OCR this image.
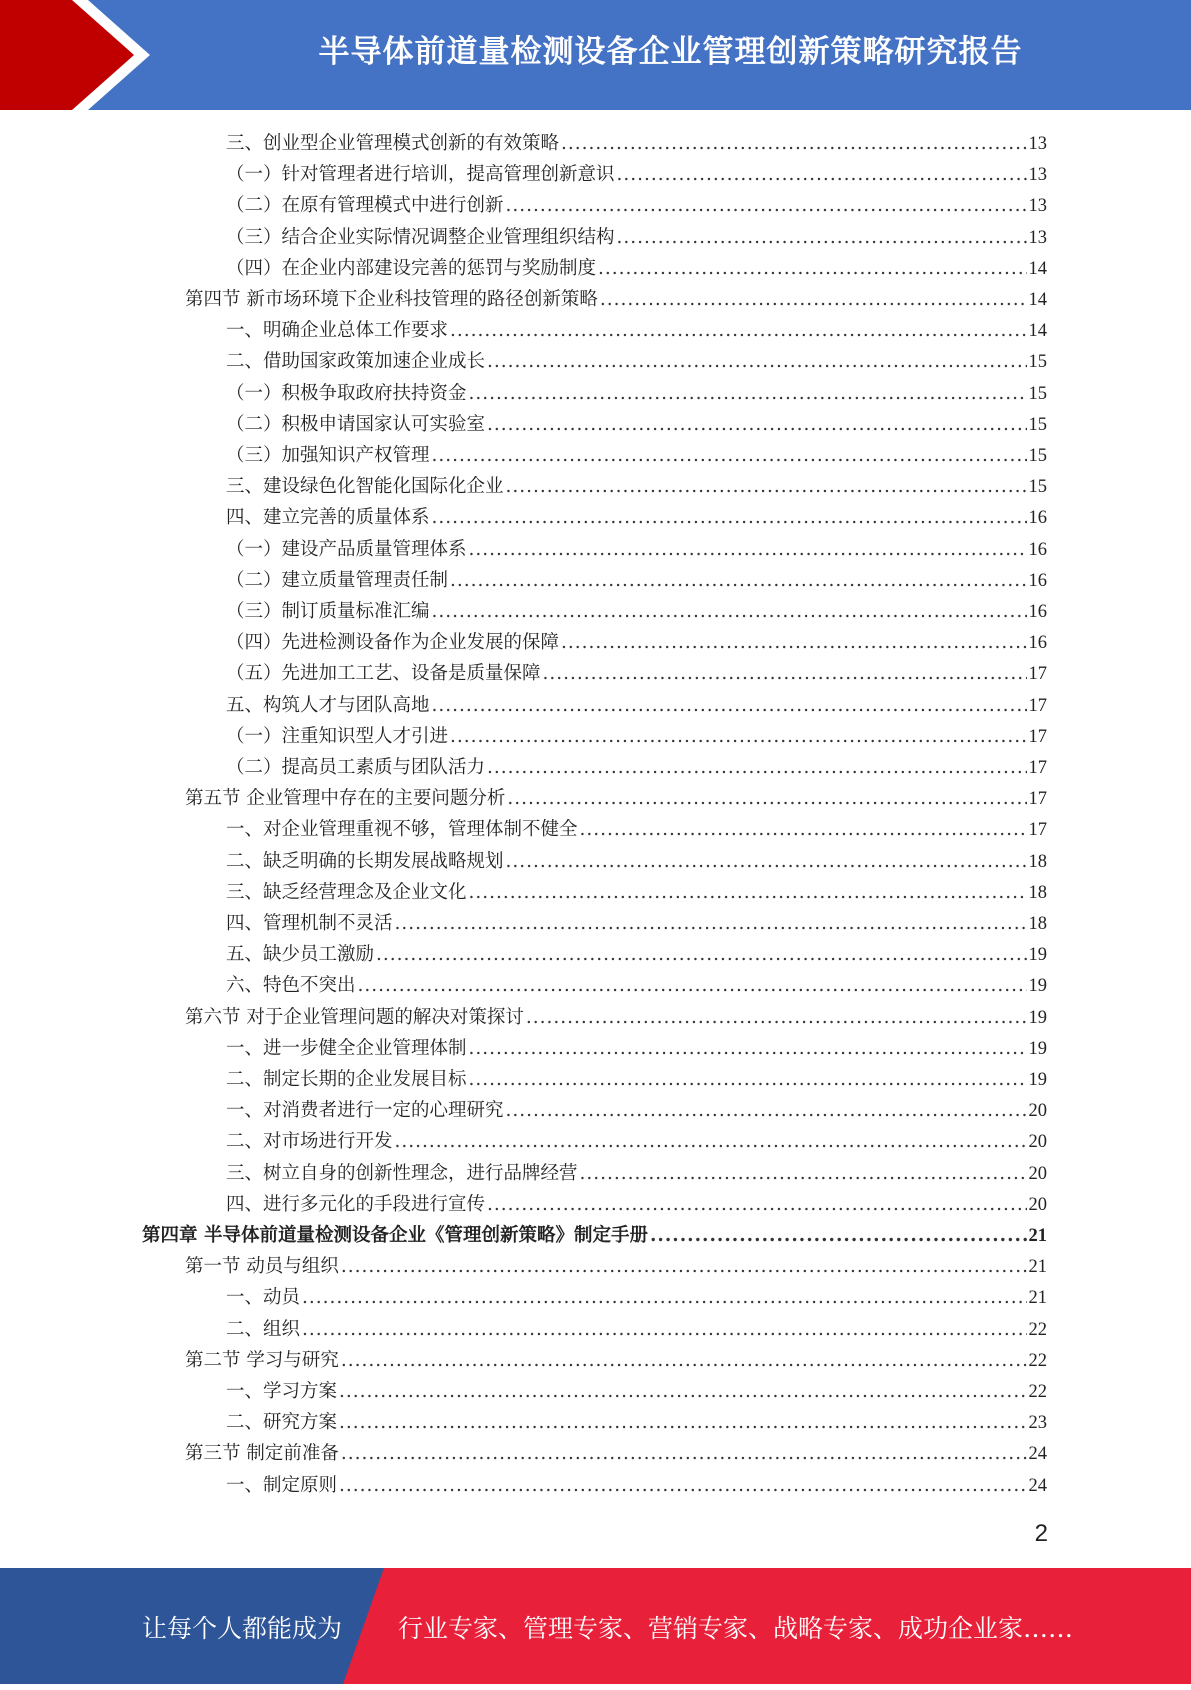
半导体前道量检测设备企业管理创新策略研究报告
三、创业型企业管理模式创新的有效策略 .....	13
（一）针对管理者进行培训，提高管理创新意识 .....	13
（二）在原有管理模式中进行创新 .....	13
（三）结合企业实际情况调整企业管理组织结构 .....	13
（四）在企业内部建设完善的惩罚与奖励制度 .....	14
第四节 新市场环境下企业科技管理的路径创新策略 .....	14
一、明确企业总体工作要求 .....	14
二、借助国家政策加速企业成长 .....	15
（一）积极争取政府扶持资金 .....	15
（二）积极申请国家认可实验室 .....	15
（三）加强知识产权管理 .....	15
三、建设绿色化智能化国际化企业 .....	15
四、建立完善的质量体系 .....	16
（一）建设产品质量管理体系 .....	16
（二）建立质量管理责任制 .....	16
（三）制订质量标准汇编 .....	16
（四）先进检测设备作为企业发展的保障 .....	16
（五）先进加工工艺、设备是质量保障 .....	17
五、构筑人才与团队高地 .....	17
（一）注重知识型人才引进 .....	17
（二）提高员工素质与团队活力 .....	17
第五节 企业管理中存在的主要问题分析 .....	17
一、对企业管理重视不够，管理体制不健全 .....	17
二、缺乏明确的长期发展战略规划 .....	18
三、缺乏经营理念及企业文化 .....	18
四、管理机制不灵活 .....	18
五、缺少员工激励 .....	19
六、特色不突出 .....	19
第六节 对于企业管理问题的解决对策探讨 .....	19
一、进一步健全企业管理体制 .....	19
二、制定长期的企业发展目标 .....	19
一、对消费者进行一定的心理研究 .....	20
二、对市场进行开发 .....	20
三、树立自身的创新性理念，进行品牌经营 .....	20
四、进行多元化的手段进行宣传 .....	20
第四章 半导体前道量检测设备企业《管理创新策略》制定手册 .....	21
第一节 动员与组织 .....	21
一、动员 .....	21
二、组织 .....	22
第二节 学习与研究 .....	22
一、学习方案 .....	22
二、研究方案 .....	23
第三节 制定前准备 .....	24
一、制定原则 .....	24
2
让每个人都能成为 行业专家、管理专家、营销专家、战略专家、成功企业家……
